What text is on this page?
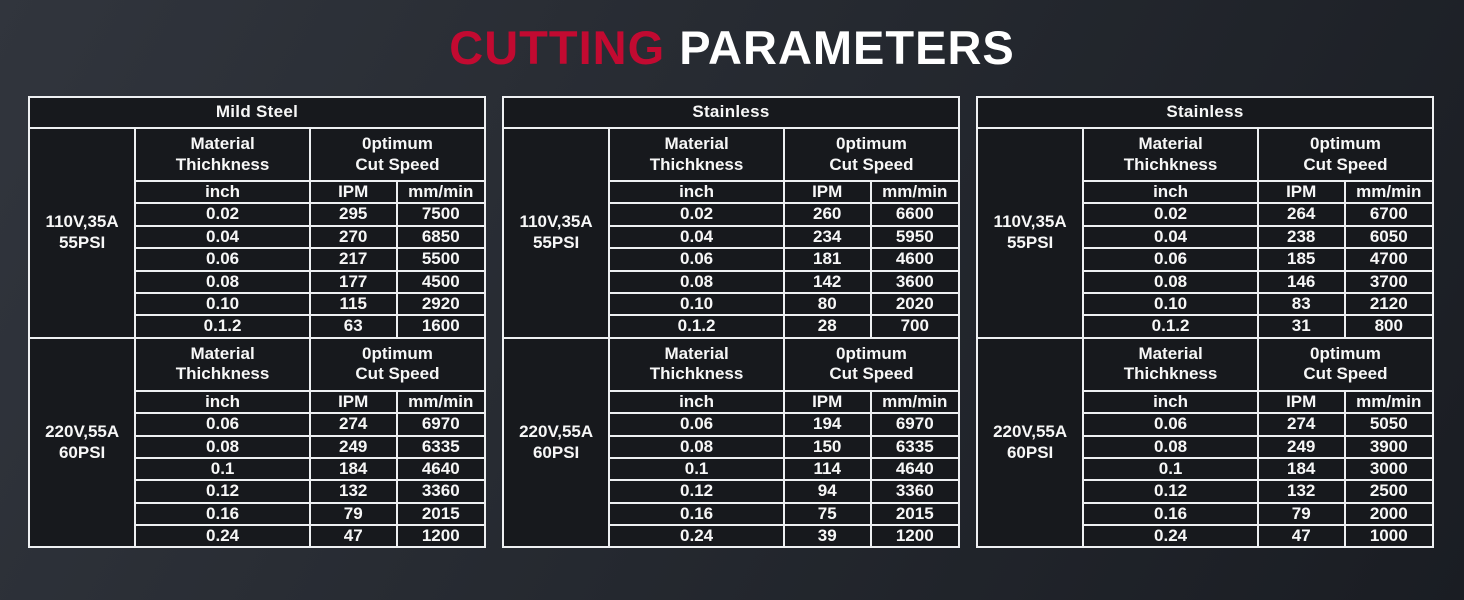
CUTTING PARAMETERS
Mild Steel			

110V,35A
55PSI

Material
Thichkness

0ptimum
Cut Speed

	inch	IPM	mm/min
	0.02	295	7500
	0.04	270	6850
	0.06	217	5500
	0.08	177	4500
	0.10	115	2920
	0.1.2	63	1600

220V,55A
60PSI

Material
Thichkness

0ptimum
Cut Speed

	inch	IPM	mm/min
	0.06	274	6970
	0.08	249	6335
	0.1	184	4640
	0.12	132	3360
	0.16	79	2015
	0.24	47	1200
Stainless			

110V,35A
55PSI

Material
Thichkness

0ptimum
Cut Speed

	inch	IPM	mm/min
	0.02	260	6600
	0.04	234	5950
	0.06	181	4600
	0.08	142	3600
	0.10	80	2020
	0.1.2	28	700

220V,55A
60PSI

Material
Thichkness

0ptimum
Cut Speed

	inch	IPM	mm/min
	0.06	194	6970
	0.08	150	6335
	0.1	114	4640
	0.12	94	3360
	0.16	75	2015
	0.24	39	1200
Stainless			

110V,35A
55PSI

Material
Thichkness

0ptimum
Cut Speed

	inch	IPM	mm/min
	0.02	264	6700
	0.04	238	6050
	0.06	185	4700
	0.08	146	3700
	0.10	83	2120
	0.1.2	31	800

220V,55A
60PSI

Material
Thichkness

0ptimum
Cut Speed

	inch	IPM	mm/min
	0.06	274	5050
	0.08	249	3900
	0.1	184	3000
	0.12	132	2500
	0.16	79	2000
	0.24	47	1000
